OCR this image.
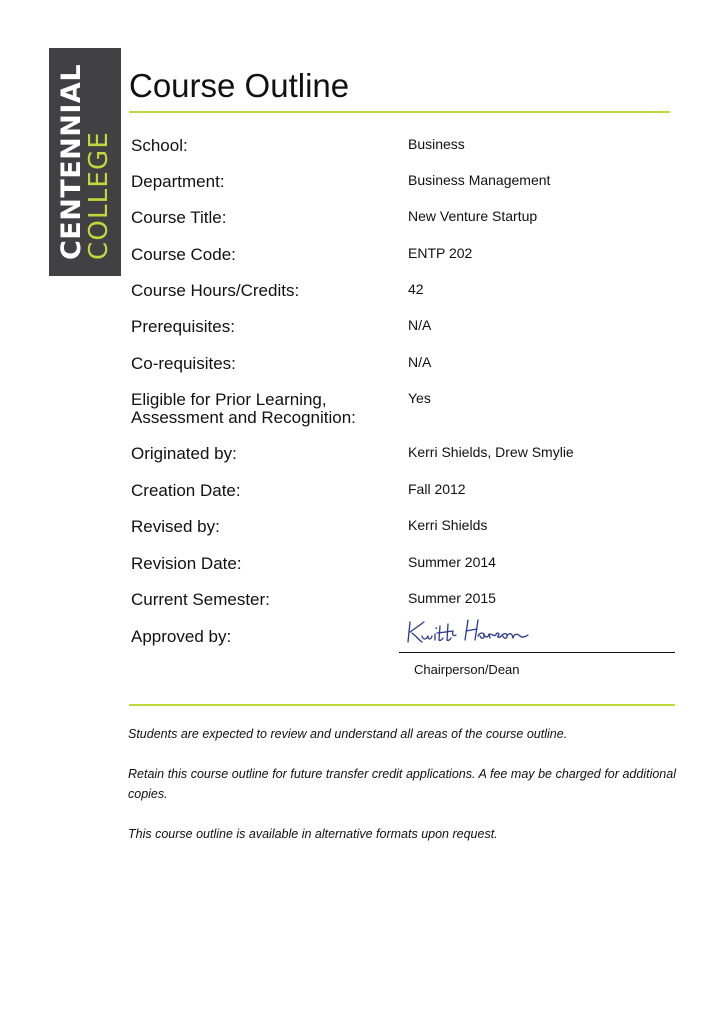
CENTENNIAL
COLLEGE
Course Outline
School:	Business
Department:	Business Management
Course Title:	New Venture Startup
Course Code:	ENTP 202
Course Hours/Credits:	42
Prerequisites:	N/A
Co-requisites:	N/A
Eligible for Prior Learning,
Assessment and Recognition:
Yes
Originated by:	Kerri Shields, Drew Smylie
Creation Date:	Fall 2012
Revised by:	Kerri Shields
Revision Date:	Summer 2014
Current Semester:	Summer 2015
Approved by:
Chairperson/Dean

Students are expected to review and understand all areas of the course outline.

Retain this course outline for future transfer credit applications. A fee may be charged for additional copies.

This course outline is available in alternative formats upon request.
